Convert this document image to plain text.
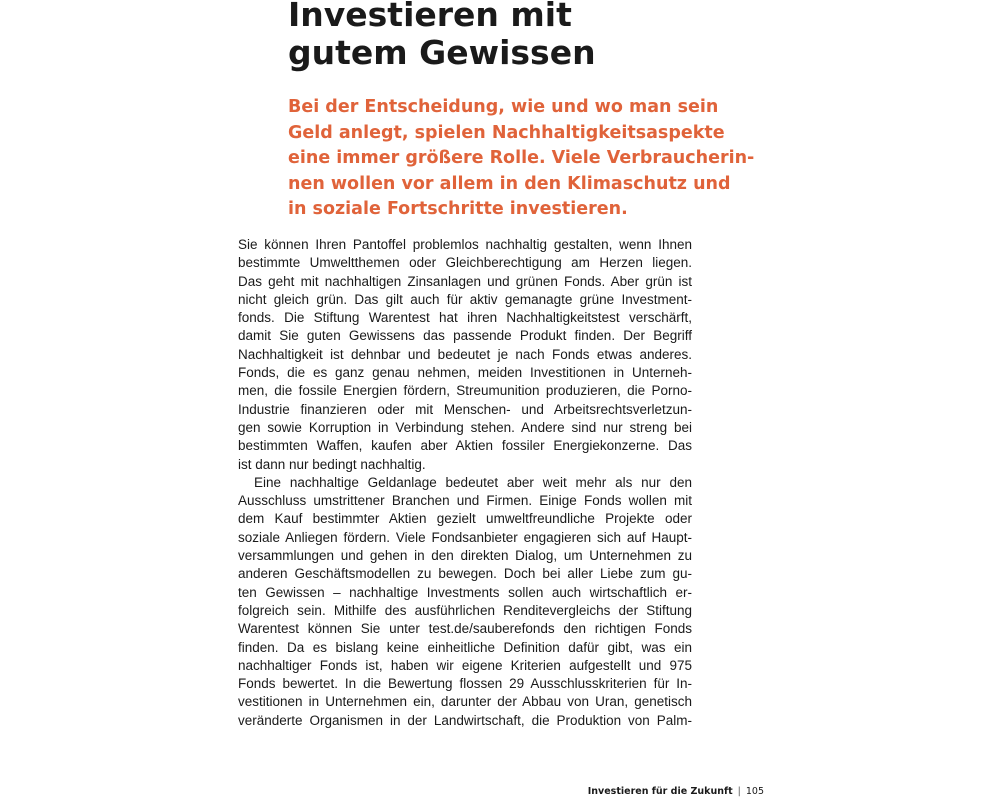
Investieren mit
gutem Gewissen
Bei der Entscheidung, wie und wo man sein
Geld anlegt, spielen Nachhaltigkeitsaspekte
eine immer größere Rolle. Viele Verbraucherin-
nen wollen vor allem in den Klimaschutz und
in soziale Fortschritte investieren.
Sie können Ihren Pantoffel problemlos nachhaltig gestalten, wenn Ihnen
bestimmte Umweltthemen oder Gleichberechtigung am Herzen liegen.
Das geht mit nachhaltigen Zinsanlagen und grünen Fonds. Aber grün ist
nicht gleich grün. Das gilt auch für aktiv gemanagte grüne Investment-
fonds. Die Stiftung Warentest hat ihren Nachhaltigkeitstest verschärft,
damit Sie guten Gewissens das passende Produkt finden. Der Begriff
Nachhaltigkeit ist dehnbar und bedeutet je nach Fonds etwas anderes.
Fonds, die es ganz genau nehmen, meiden Investitionen in Unterneh-
men, die fossile Energien fördern, Streumunition produzieren, die Porno-
Industrie finanzieren oder mit Menschen- und Arbeitsrechtsverletzun-
gen sowie Korruption in Verbindung stehen. Andere sind nur streng bei
bestimmten Waffen, kaufen aber Aktien fossiler Energiekonzerne. Das
ist dann nur bedingt nachhaltig.
Eine nachhaltige Geldanlage bedeutet aber weit mehr als nur den
Ausschluss umstrittener Branchen und Firmen. Einige Fonds wollen mit
dem Kauf bestimmter Aktien gezielt umweltfreundliche Projekte oder
soziale Anliegen fördern. Viele Fondsanbieter engagieren sich auf Haupt-
versammlungen und gehen in den direkten Dialog, um Unternehmen zu
anderen Geschäftsmodellen zu bewegen. Doch bei aller Liebe zum gu-
ten Gewissen – nachhaltige Investments sollen auch wirtschaftlich er-
folgreich sein. Mithilfe des ausführlichen Renditevergleichs der Stiftung
Warentest können Sie unter test.de/sauberefonds den richtigen Fonds
finden. Da es bislang keine einheitliche Definition dafür gibt, was ein
nachhaltiger Fonds ist, haben wir eigene Kriterien aufgestellt und 975
Fonds bewertet. In die Bewertung flossen 29 Ausschlusskriterien für In-
vestitionen in Unternehmen ein, darunter der Abbau von Uran, genetisch
veränderte Organismen in der Landwirtschaft, die Produktion von Palm-
Investieren für die Zukunft | 105
